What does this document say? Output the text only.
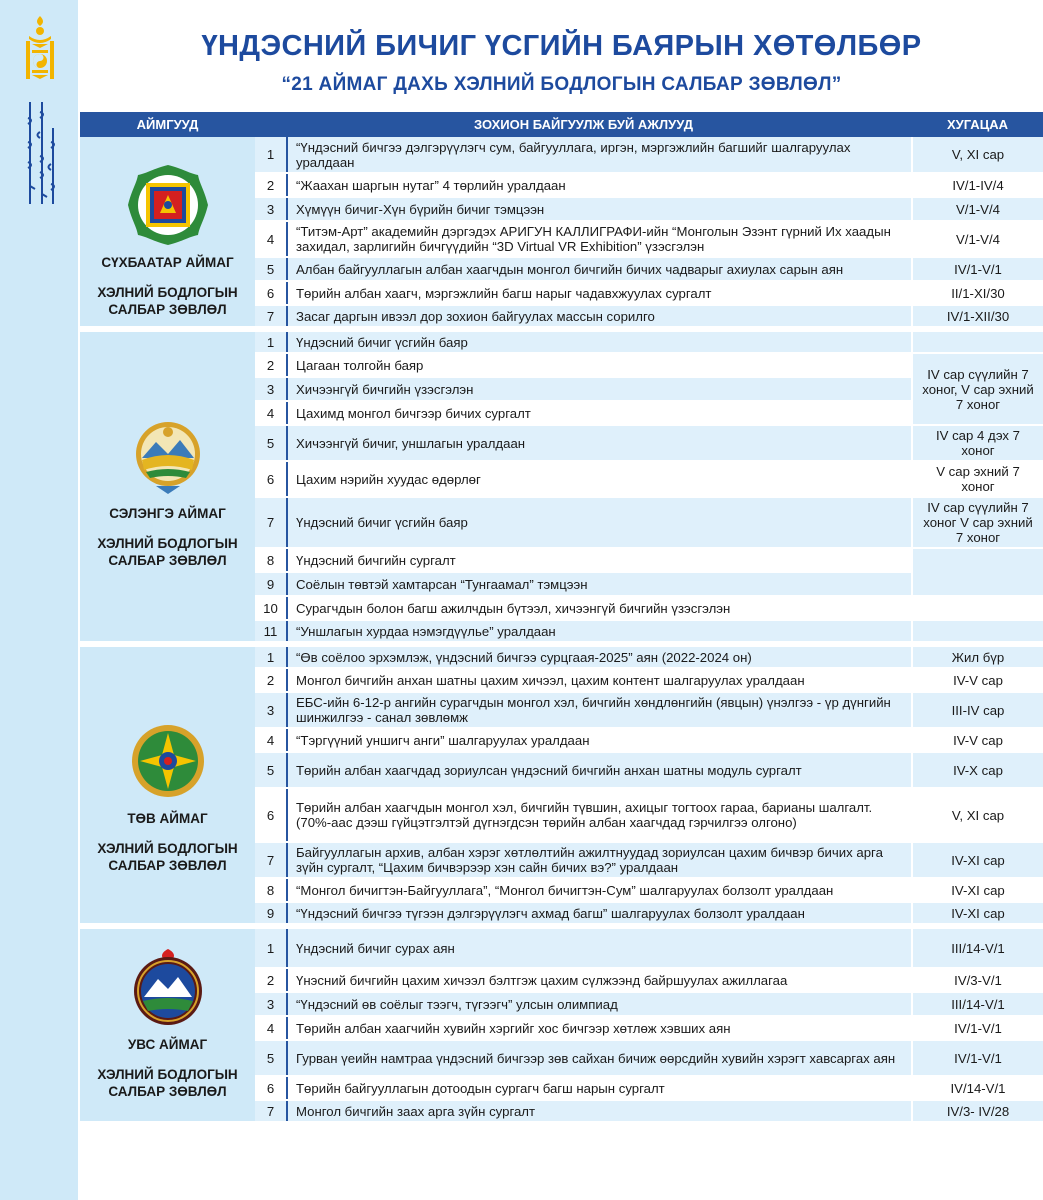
ҮНДЭСНИЙ БИЧИГ ҮСГИЙН БАЯРЫН ХӨТӨЛБӨР
“21 АЙМАГ ДАХЬ ХЭЛНИЙ БОДЛОГЫН САЛБАР ЗӨВЛӨЛ”
АЙМГУУД	ЗОХИОН БАЙГУУЛЖ БУЙ АЖЛУУД		ХУГАЦАА

СҮХБААТАР АЙМАГ
ХЭЛНИЙ БОДЛОГЫН САЛБАР ЗӨВЛӨЛ	1	“Үндэсний бичгээ дэлгэрүүлэгч сум, байгууллага, иргэн, мэргэжлийн багшийг шалгаруулах уралдаан	V, XI сар
	2	“Жаахан шаргын нутаг” 4 төрлийн уралдаан	IV/1-IV/4
	3	Хүмүүн бичиг-Хүн бүрийн бичиг тэмцээн	V/1-V/4
	4	“Титэм-Арт” академийн дэргэдэх АРИГУН КАЛЛИГРАФИ-ийн “Монголын Эзэнт гүрний Их хаадын захидал, зарлигийн бичгүүдийн “3D Virtual VR Exhibition” үзэсгэлэн	V/1-V/4
	5	Албан байгууллагын албан хаагчдын монгол бичгийн бичих чадварыг ахиулах сарын аян	IV/1-V/1
	6	Төрийн албан хаагч, мэргэжлийн багш нарыг чадавхжуулах сургалт	II/1-XI/30
	7	Засаг даргын ивээл дор зохион байгуулах массын сорилго	IV/1-XII/30

СЭЛЭНГЭ АЙМАГ
ХЭЛНИЙ БОДЛОГЫН САЛБАР ЗӨВЛӨЛ	1	Үндэсний бичиг үсгийн баяр	
	2	Цагаан толгойн баяр	IV сар сүүлийн 7 хоног, V сар эхний 7 хоног
	3	Хичээнгүй бичгийн үзэсгэлэн	
	4	Цахимд монгол бичгээр бичих сургалт	
	5	Хичээнгүй бичиг, уншлагын уралдаан	IV сар 4 дэх 7 хоног
	6	Цахим нэрийн хуудас өдөрлөг	V сар эхний 7 хоног
	7	Үндэсний бичиг үсгийн баяр	IV сар сүүлийн 7 хоног V сар эхний 7 хоног
	8	Үндэсний бичгийн сургалт	
	9	Соёлын төвтэй хамтарсан “Тунгаамал” тэмцээн	
	10	Сурагчдын болон багш ажилчдын бүтээл, хичээнгүй бичгийн үзэсгэлэн	
	11	“Уншлагын хурдаа нэмэгдүүлье” уралдаан	

ТӨВ АЙМАГ
ХЭЛНИЙ БОДЛОГЫН САЛБАР ЗӨВЛӨЛ	1	“Өв соёлоо эрхэмлэж, үндэсний бичгээ сурцгаая-2025” аян (2022-2024 он)	Жил бүр
	2	Монгол бичгийн анхан шатны цахим хичээл, цахим контент шалгаруулах уралдаан	IV-V сар
	3	ЕБС-ийн 6-12-р ангийн сурагчдын монгол хэл, бичгийн хөндлөнгийн (явцын) үнэлгээ - үр дүнгийн шинжилгээ - санал зөвлөмж	III-IV сар
	4	“Тэргүүний уншигч анги” шалгаруулах уралдаан	IV-V сар
	5	Төрийн албан хаагчдад зориулсан үндэсний бичгийн анхан шатны модуль сургалт	IV-X сар
	6	Төрийн албан хаагчдын монгол хэл, бичгийн түвшин, ахицыг тогтоох гараа, барианы шалгалт. (70%-аас дээш гүйцэтгэлтэй дүгнэгдсэн төрийн албан хаагчдад гэрчилгээ олгоно)	V, XI сар
	7	Байгууллагын архив, албан хэрэг хөтлөлтийн ажилтнуудад зориулсан цахим бичвэр бичих арга зүйн сургалт, “Цахим бичвэрээр хэн сайн бичих вэ?” уралдаан	IV-XI сар
	8	“Монгол бичигтэн-Байгууллага”, “Монгол бичигтэн-Сум” шалгаруулах болзолт уралдаан	IV-XI сар
	9	“Үндэсний бичгээ түгээн дэлгэрүүлэгч ахмад багш” шалгаруулах болзолт уралдаан	IV-XI сар

УВС АЙМАГ
ХЭЛНИЙ БОДЛОГЫН САЛБАР ЗӨВЛӨЛ	1	Үндэсний бичиг сурах аян	III/14-V/1
	2	Үнэсний бичгийн цахим хичээл бэлтгэж цахим сүлжээнд байршуулах ажиллагаа	IV/3-V/1
	3	“Үндэсний өв соёлыг тээгч, түгээгч” улсын олимпиад	III/14-V/1
	4	Төрийн албан хаагчийн хувийн хэргийг хос бичгээр хөтлөж хэвших аян	IV/1-V/1
	5	Гурван үеийн намтраа үндэсний бичгээр зөв сайхан бичиж өөрсдийн хувийн хэрэгт хавсаргах аян	IV/1-V/1
	6	Төрийн байгууллагын дотоодын сургагч багш нарын сургалт	IV/14-V/1
	7	Монгол бичгийн заах арга зүйн сургалт	IV/3- IV/28
